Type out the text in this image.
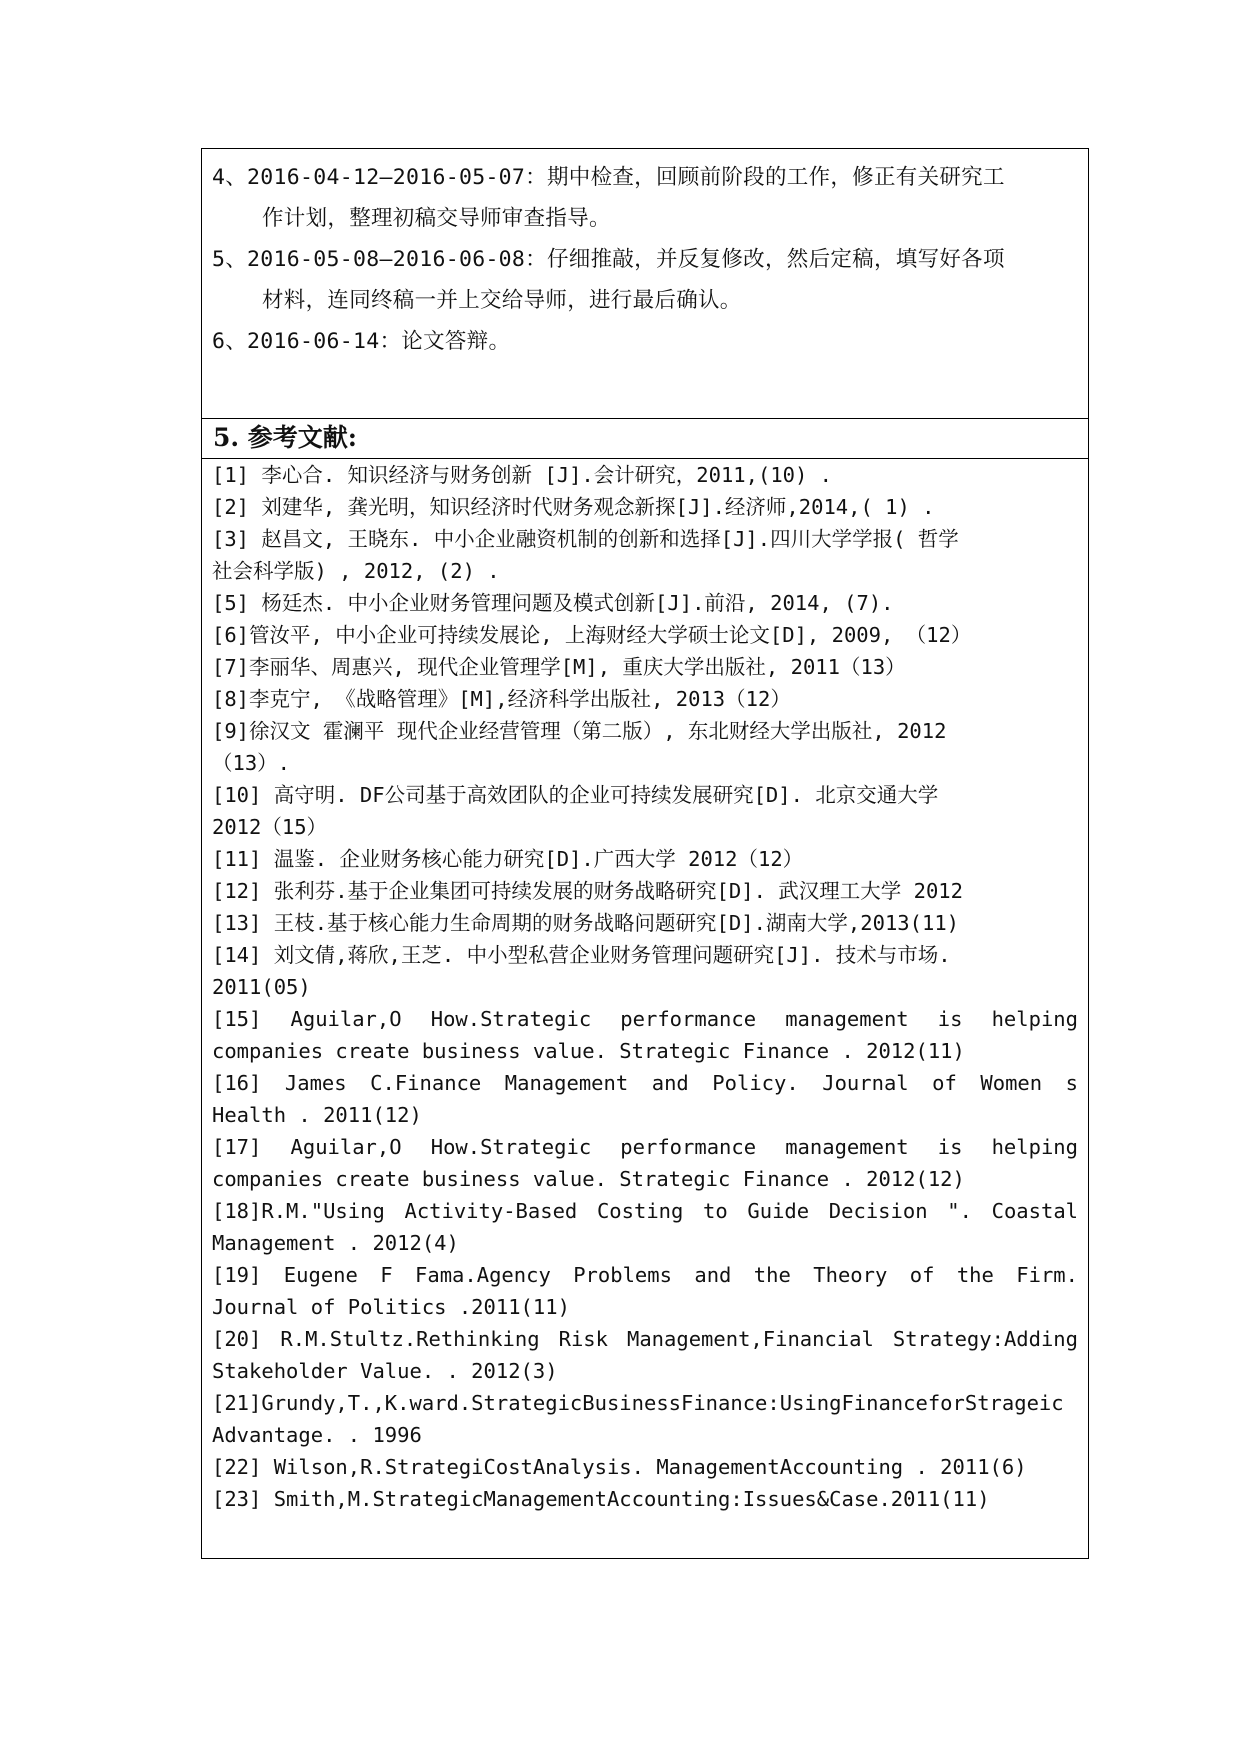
4、2016-04-12—2016-05-07：期中检查，回顾前阶段的工作，修正有关研究工
作计划，整理初稿交导师审查指导。
5、2016-05-08—2016-06-08：仔细推敲，并反复修改，然后定稿，填写好各项
材料，连同终稿一并上交给导师，进行最后确认。
6、2016-06-14：论文答辩。
5. 参考文献:
[1] 李心合. 知识经济与财务创新 [J].会计研究，2011,(10) .
[2] 刘建华, 龚光明，知识经济时代财务观念新探[J].经济师,2014,( 1) .
[3] 赵昌文, 王晓东. 中小企业融资机制的创新和选择[J].四川大学学报( 哲学
社会科学版) , 2012, (2) .
[5] 杨廷杰. 中小企业财务管理问题及模式创新[J].前沿, 2014, (7).
[6]管汝平, 中小企业可持续发展论, 上海财经大学硕士论文[D], 2009, （12）
[7]李丽华、周惠兴, 现代企业管理学[M], 重庆大学出版社, 2011（13）
[8]李克宁, 《战略管理》[M],经济科学出版社, 2013（12）
[9]徐汉文 霍澜平 现代企业经营管理（第二版）, 东北财经大学出版社, 2012
（13）.
[10] 高守明. DF公司基于高效团队的企业可持续发展研究[D]. 北京交通大学
2012（15）
[11] 温鉴. 企业财务核心能力研究[D].广西大学 2012（12）
[12] 张利芬.基于企业集团可持续发展的财务战略研究[D]. 武汉理工大学 2012
[13] 王枝.基于核心能力生命周期的财务战略问题研究[D].湖南大学,2013(11)
[14] 刘文倩,蒋欣,王芝. 中小型私营企业财务管理问题研究[J]. 技术与市场.
2011(05)
[15] Aguilar,O How.Strategic performance management is helping
companies create business value. Strategic Finance . 2012(11)
[16] James C.Finance Management and Policy. Journal of Women s
Health . 2011(12)
[17] Aguilar,O How.Strategic performance management is helping
companies create business value. Strategic Finance . 2012(12)
[18]R.M."Using Activity-Based Costing to Guide Decision ". Coastal
Management . 2012(4)
[19] Eugene F Fama.Agency Problems and the Theory of the Firm.
Journal of Politics .2011(11)
[20] R.M.Stultz.Rethinking Risk Management,Financial Strategy:Adding
Stakeholder Value. . 2012(3)
[21]Grundy,T.,K.ward.StrategicBusinessFinance:UsingFinanceforStrageic
Advantage. . 1996
[22] Wilson,R.StrategiCostAnalysis. ManagementAccounting . 2011(6)
[23] Smith,M.StrategicManagementAccounting:Issues&Case.2011(11)
